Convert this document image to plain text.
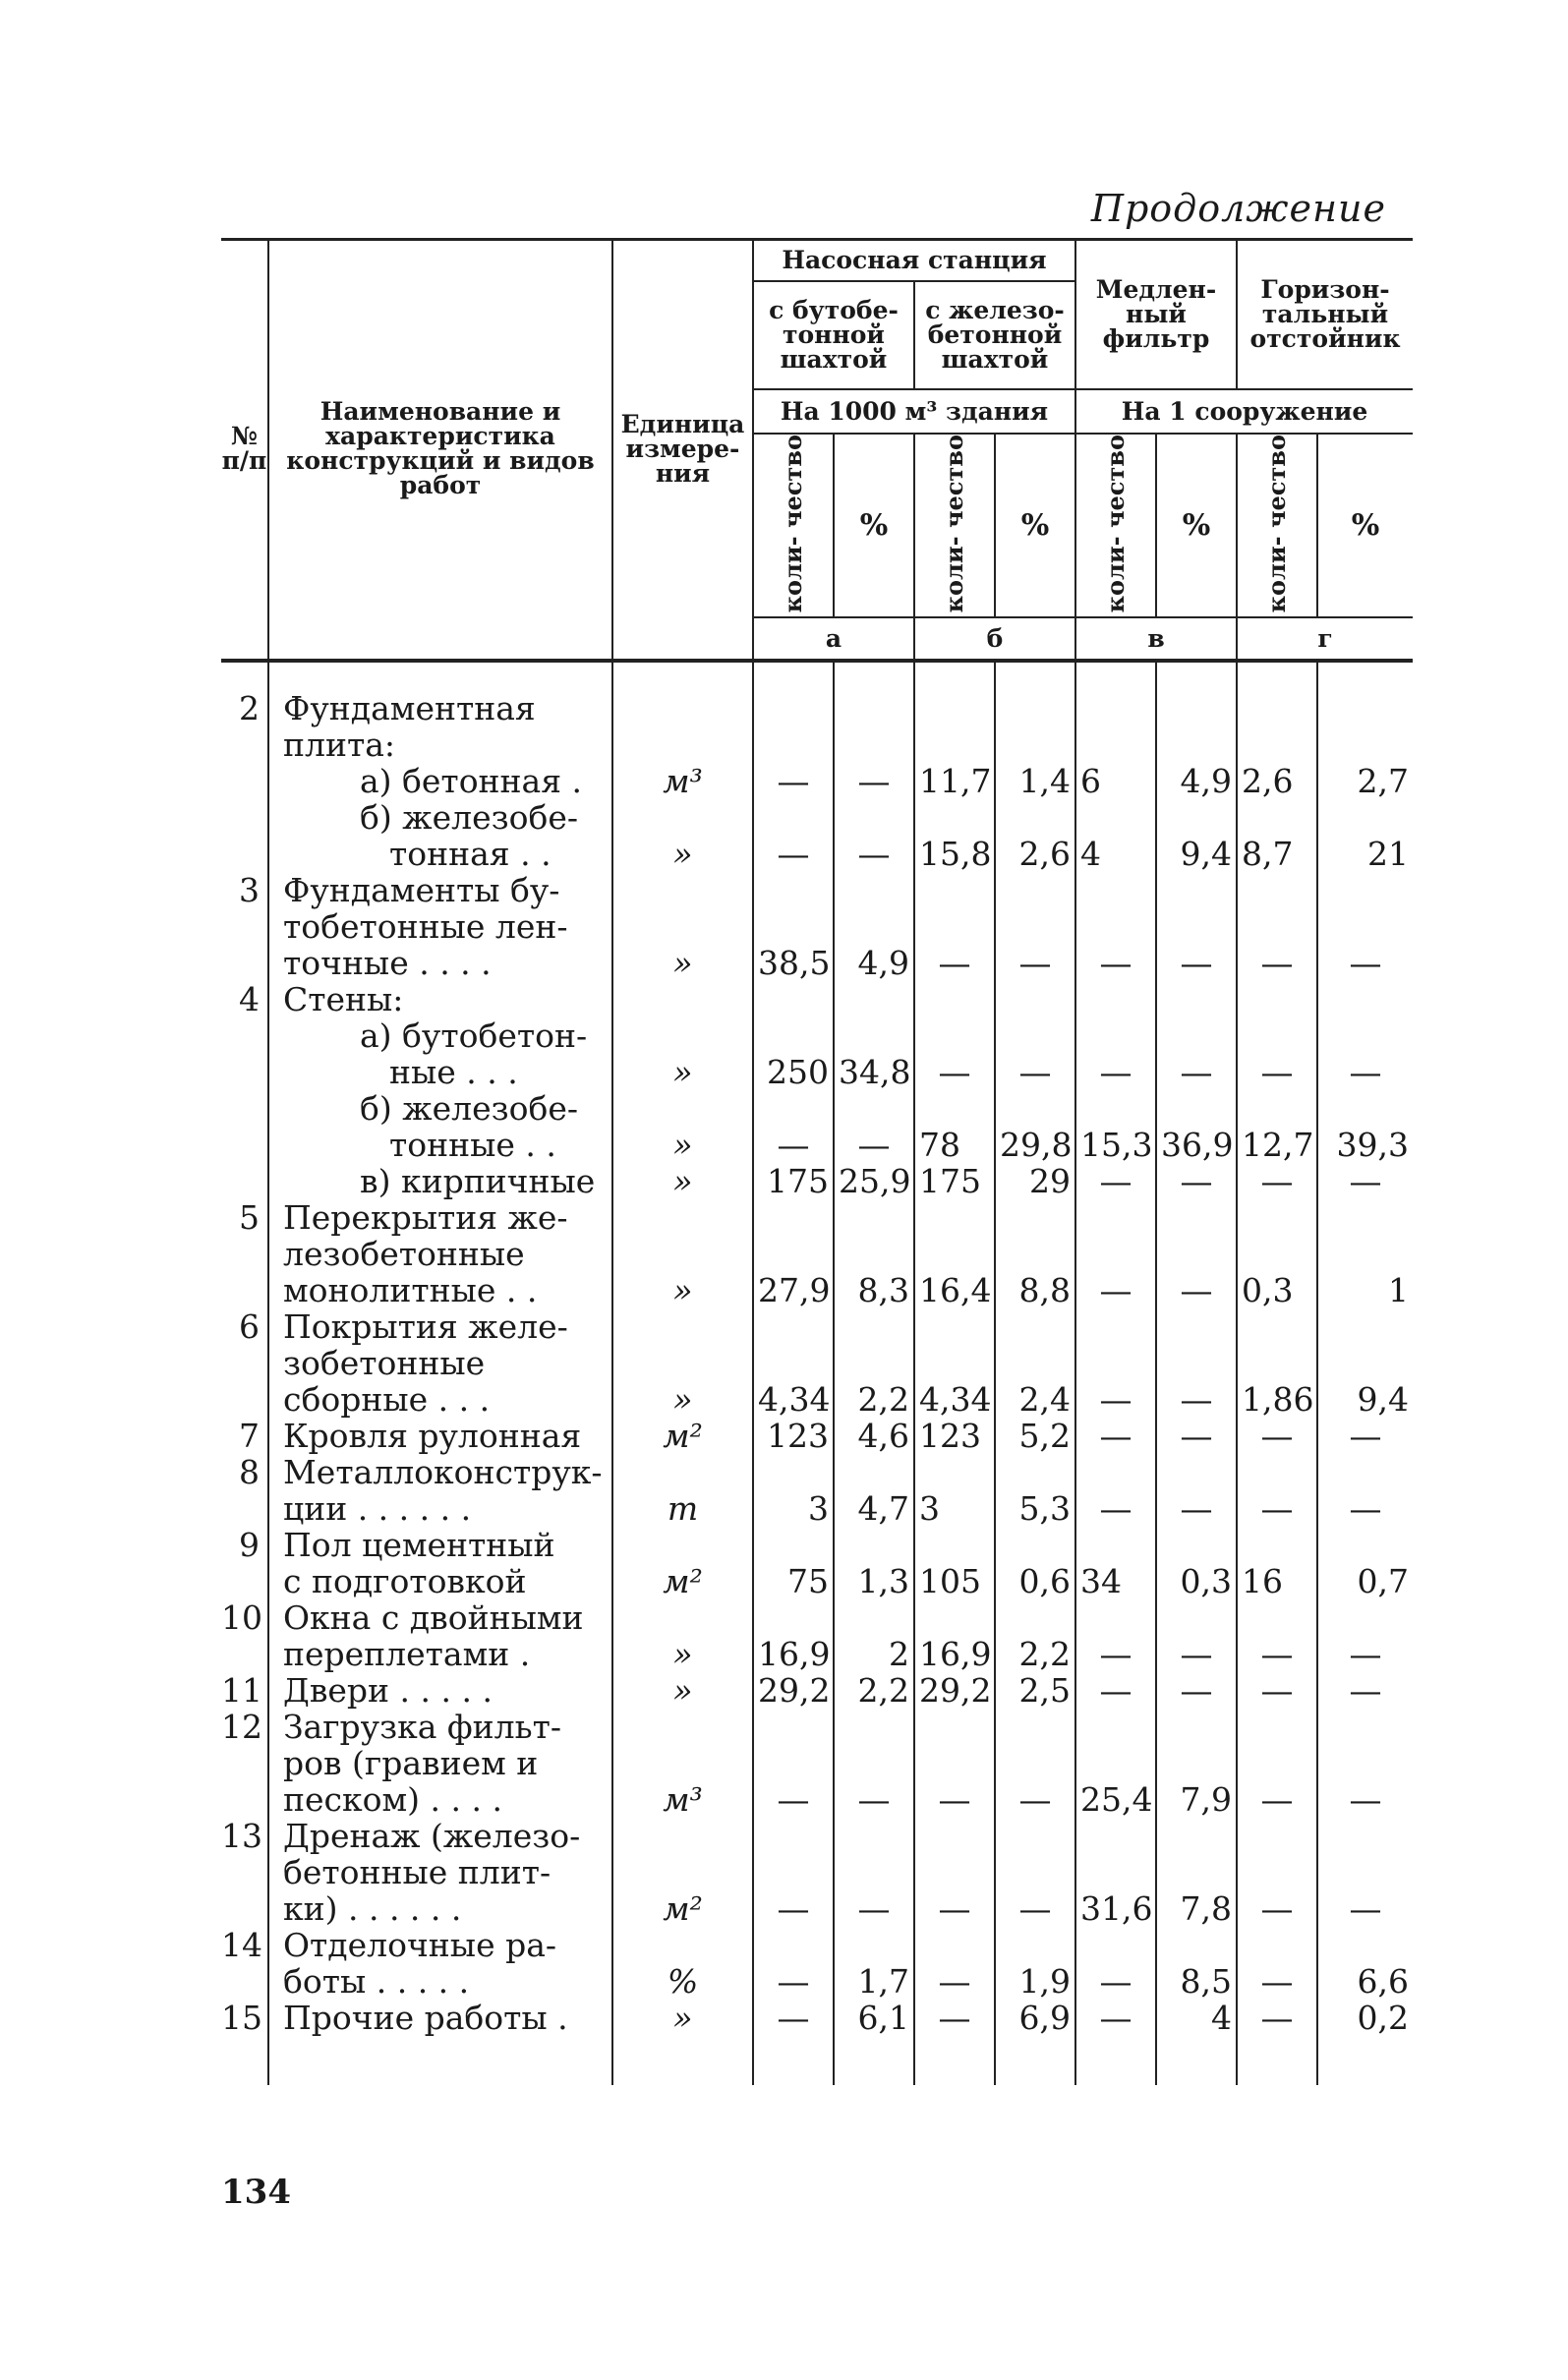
Продолжение
№ п/п	Наименование и характеристика конструкций и видов работ	Единица измере- ния	Насосная станция				Медлен- ный фильтр		Горизон- тальный отстойник	
			с бутобе- тонной шахтой		с железо- бетонной шахтой					
			На 1000 м³ здания				На 1 сооружение			
			коли- чество	%	коли- чество	%	коли- чество	%	коли- чество	%
			а		б		в		г	
2	Фундаментная
плита:									

	а) бетонная .	м³	—	—	11,7	1,4	6	4,9	2,6	2,7

	б) железобе-
тонная . .	»	—	—	15,8	2,6	4	9,4	8,7	21
3	Фундаменты бу-
тобетонные лен-
точные . . . .	»	38,5	4,9	—	—	—	—	—	—
4	Стены:									

	а) бутобетон-
ные . . .	»	250	34,8	—	—	—	—	—	—

	б) железобе-
тонные . .	»	—	—	78	29,8	15,3	36,9	12,7	39,3

	в) кирпичные	»	175	25,9	175	29	—	—	—	—
5	Перекрытия же-
лезобетонные
монолитные . .	»	27,9	8,3	16,4	8,8	—	—	0,3	1
6	Покрытия желе-
зобетонные
сборные . . .	»	4,34	2,2	4,34	2,4	—	—	1,86	9,4
7	Кровля рулонная	м²	123	4,6	123	5,2	—	—	—	—
8	Металлоконструк-
ции . . . . . .	т	3	4,7	3	5,3	—	—	—	—
9	Пол цементный
с подготовкой	м²	75	1,3	105	0,6	34	0,3	16	0,7
10	Окна с двойными
переплетами .	»	16,9	2	16,9	2,2	—	—	—	—
11	Двери . . . . .	»	29,2	2,2	29,2	2,5	—	—	—	—
12	Загрузка фильт-
ров (гравием и
песком) . . . .	м³	—	—	—	—	25,4	7,9	—	—
13	Дренаж (железо-
бетонные плит-
ки) . . . . . .	м²	—	—	—	—	31,6	7,8	—	—
14	Отделочные ра-
боты . . . . .	%	—	1,7	—	1,9	—	8,5	—	6,6
15	Прочие работы .	»	—	6,1	—	6,9	—	4	—	0,2

134
